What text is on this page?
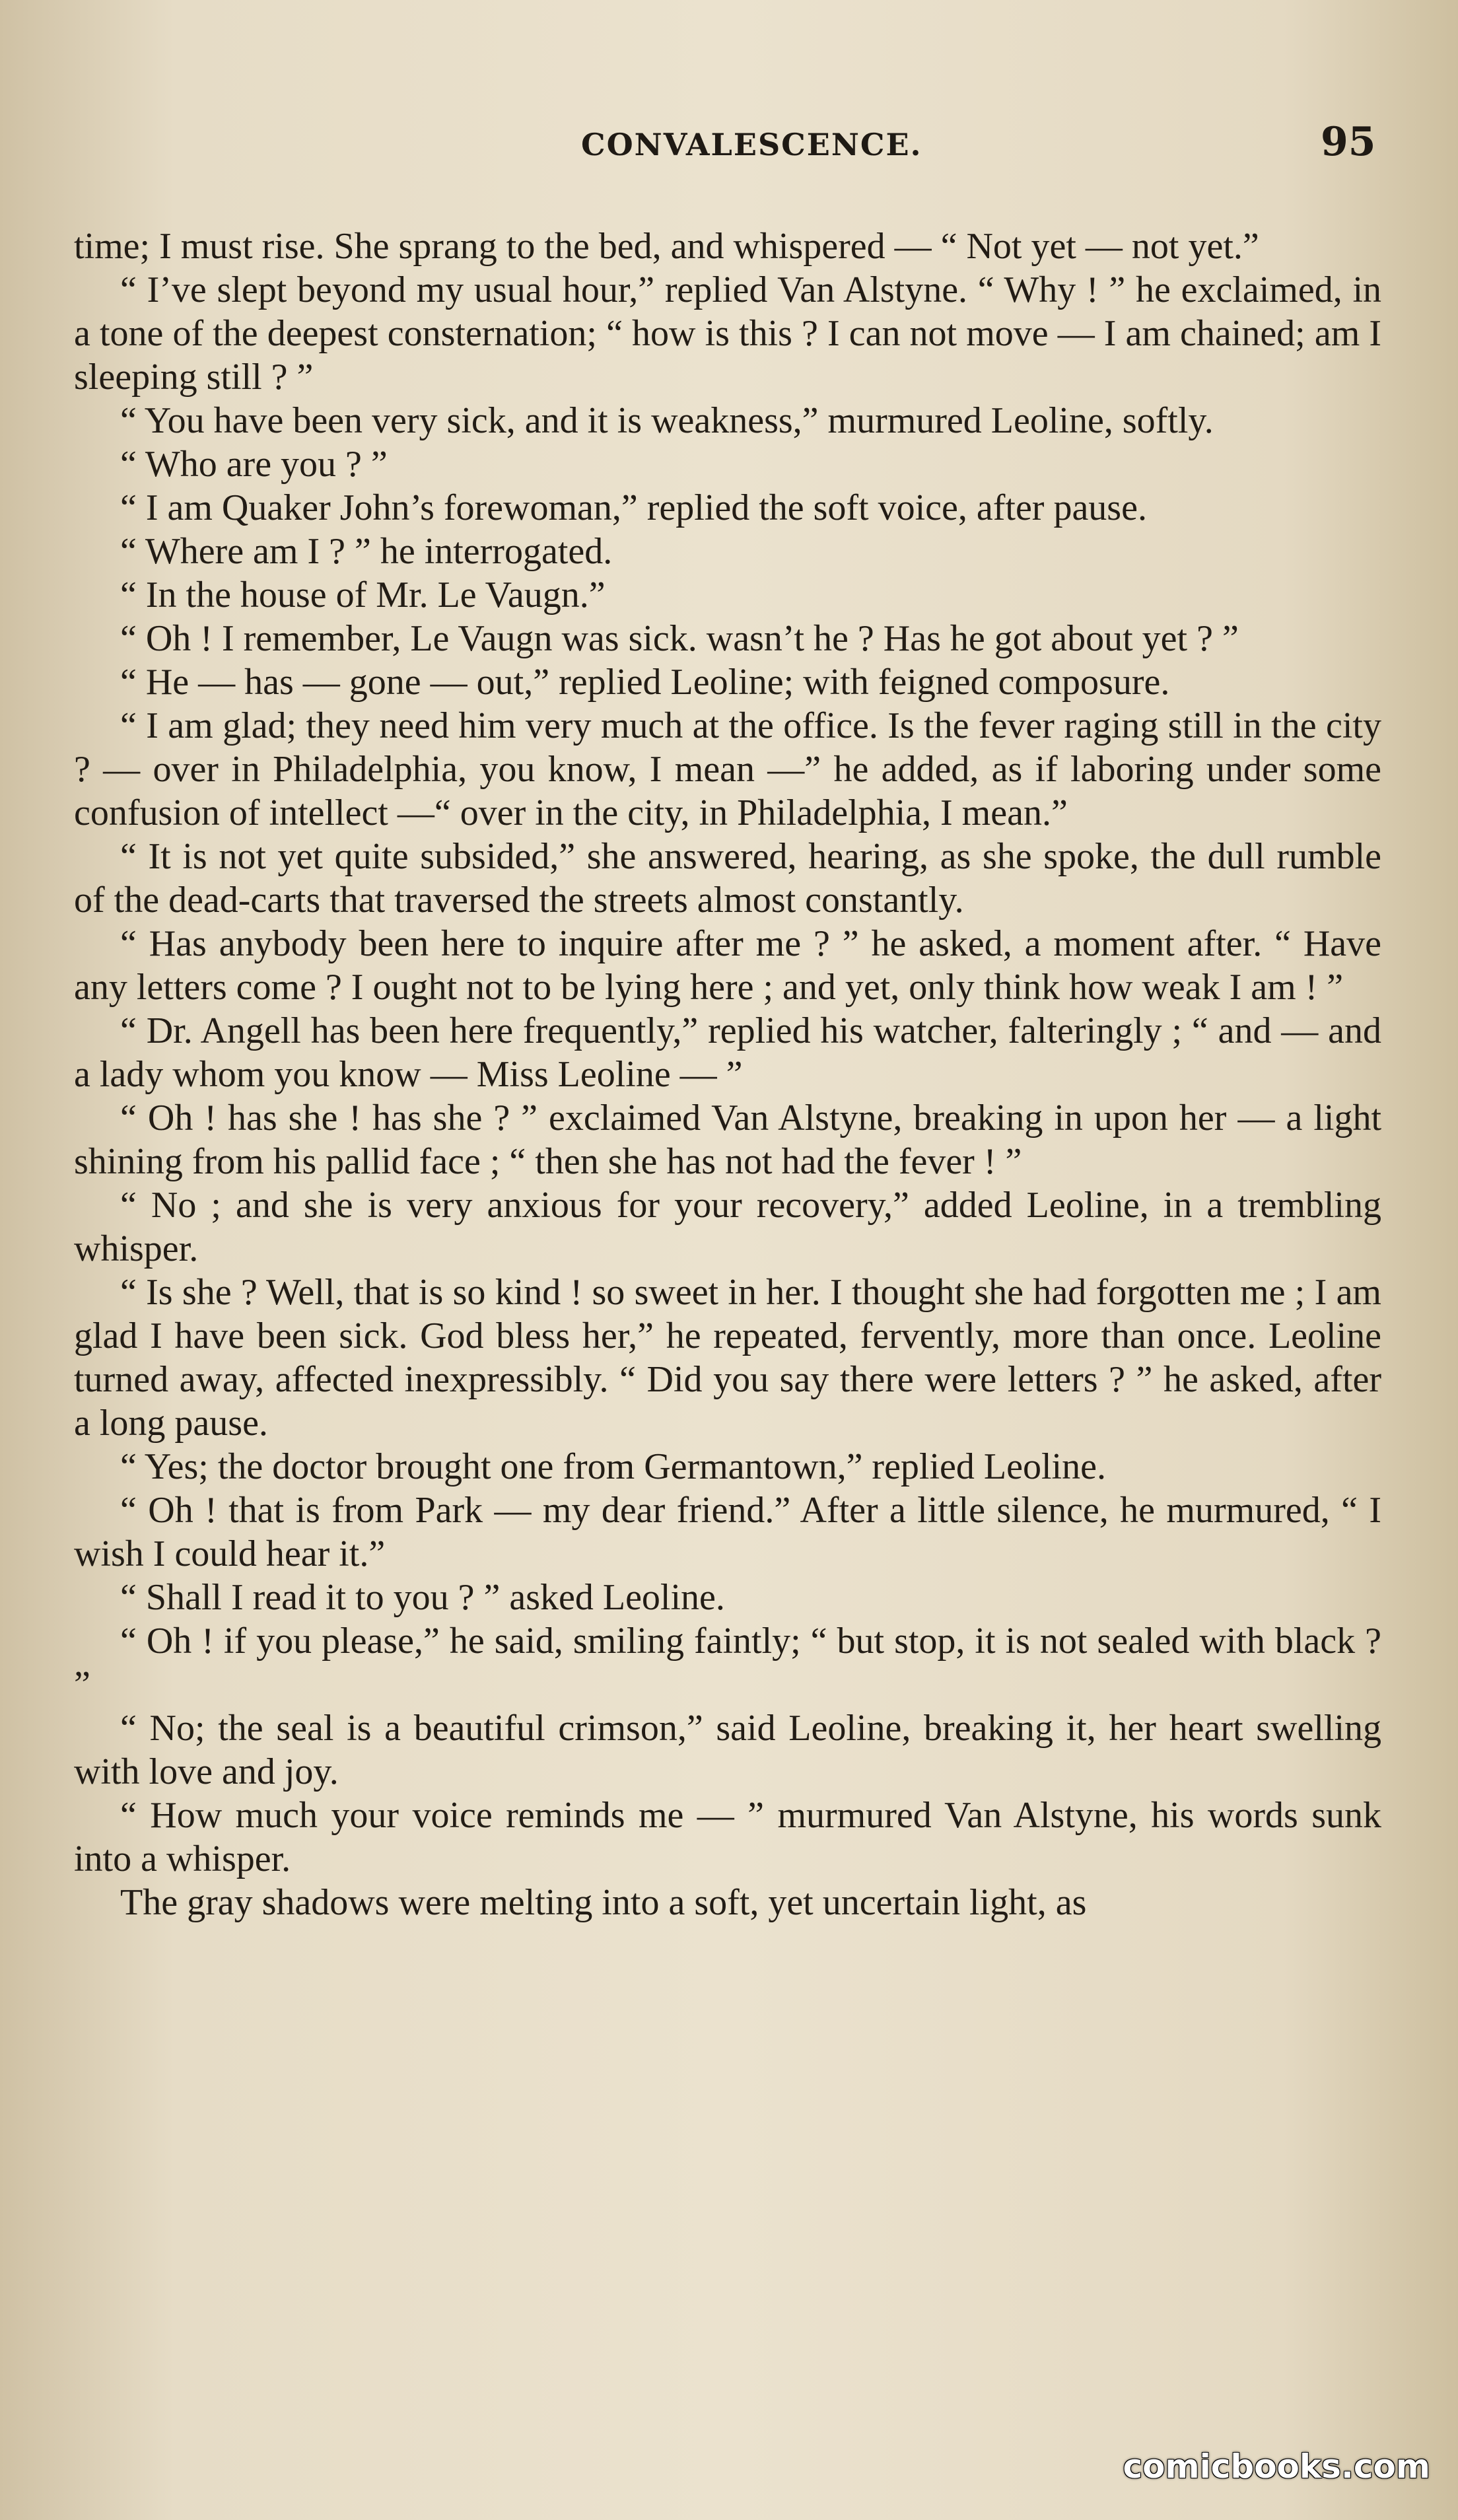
CONVALESCENCE.	95

time; I must rise. She sprang to the bed, and whispered — “ Not yet — not yet.”

“ I’ve slept beyond my usual hour,” replied Van Alstyne. “ Why ! ” he exclaimed, in a tone of the deepest consternation; “ how is this ? I can not move — I am chained; am I sleeping still ? ”

“ You have been very sick, and it is weakness,” murmured Leoline, softly.

“ Who are you ? ”

“ I am Quaker John’s forewoman,” replied the soft voice, after pause.

“ Where am I ? ” he interrogated.

“ In the house of Mr. Le Vaugn.”

“ Oh ! I remember, Le Vaugn was sick. wasn’t he ? Has he got about yet ? ”

“ He — has — gone — out,” replied Leoline; with feigned composure.

“ I am glad; they need him very much at the office. Is the fever raging still in the city ? — over in Philadelphia, you know, I mean —” he added, as if laboring under some confusion of intellect —“ over in the city, in Philadelphia, I mean.”

“ It is not yet quite subsided,” she answered, hearing, as she spoke, the dull rumble of the dead-carts that traversed the streets almost constantly.

“ Has anybody been here to inquire after me ? ” he asked, a moment after. “ Have any letters come ? I ought not to be lying here ; and yet, only think how weak I am ! ”

“ Dr. Angell has been here frequently,” replied his watcher, falteringly ; “ and — and a lady whom you know — Miss Leoline — ”

“ Oh ! has she ! has she ? ” exclaimed Van Alstyne, breaking in upon her — a light shining from his pallid face ; “ then she has not had the fever ! ”

“ No ; and she is very anxious for your recovery,” added Leoline, in a trembling whisper.

“ Is she ? Well, that is so kind ! so sweet in her. I thought she had forgotten me ; I am glad I have been sick. God bless her,” he repeated, fervently, more than once. Leoline turned away, affected inexpressibly. “ Did you say there were letters ? ” he asked, after a long pause.

“ Yes; the doctor brought one from Germantown,” replied Leoline.

“ Oh ! that is from Park — my dear friend.” After a little silence, he murmured, “ I wish I could hear it.”

“ Shall I read it to you ? ” asked Leoline.

“ Oh ! if you please,” he said, smiling faintly; “ but stop, it is not sealed with black ? ”

“ No; the seal is a beautiful crimson,” said Leoline, breaking it, her heart swelling with love and joy.

“ How much your voice reminds me — ” murmured Van Alstyne, his words sunk into a whisper.

The gray shadows were melting into a soft, yet uncertain light, as

comicbooks.com
